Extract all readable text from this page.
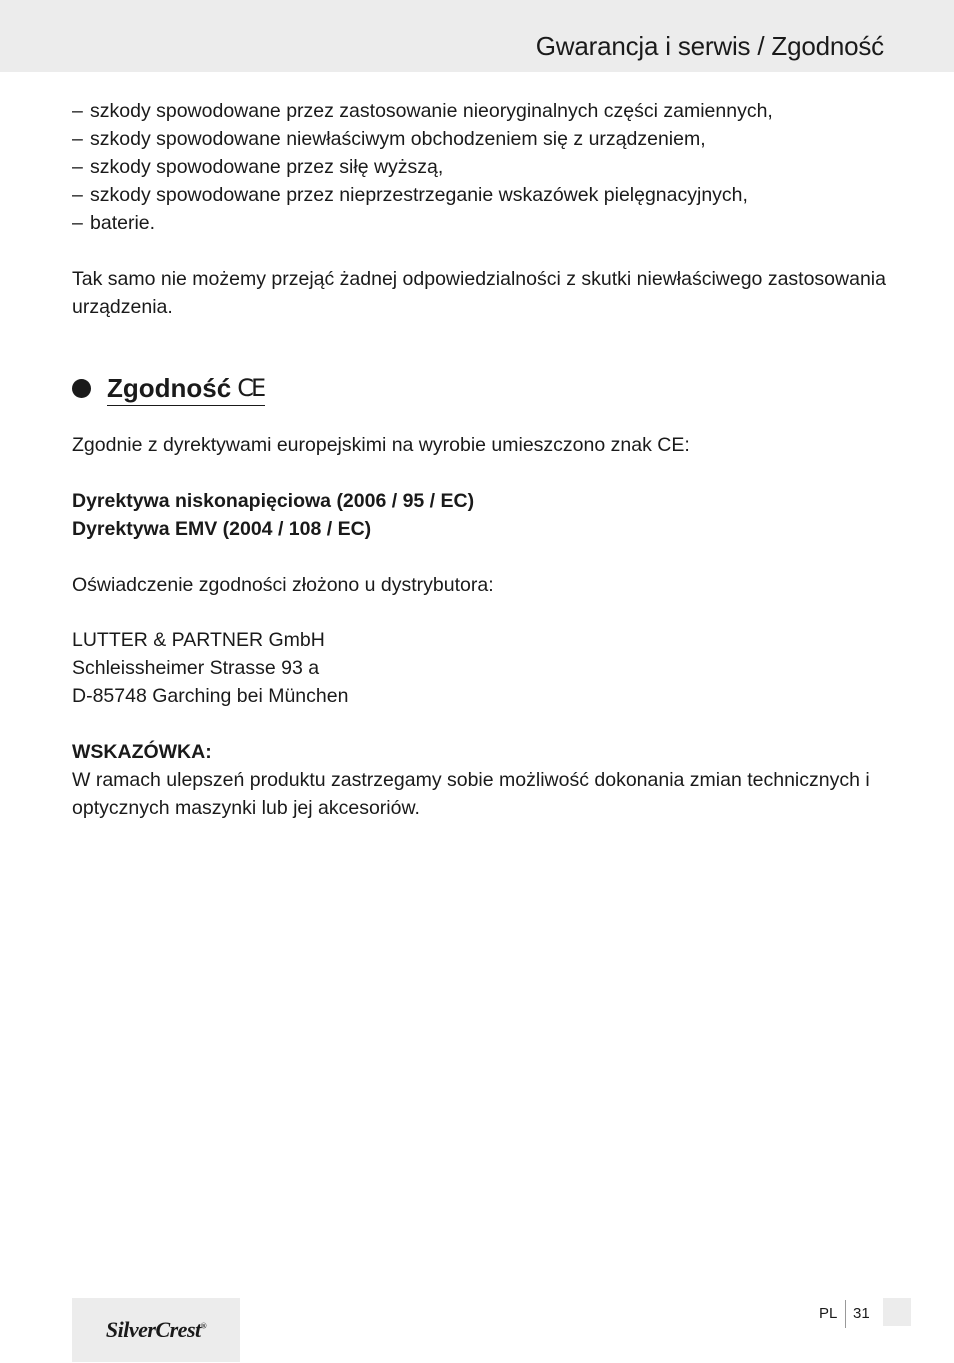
Gwarancja i serwis / Zgodność
– szkody spowodowane przez zastosowanie nieoryginalnych części zamiennych,
– szkody spowodowane niewłaściwym obchodzeniem się z urządzeniem,
– szkody spowodowane przez siłę wyższą,
– szkody spowodowane przez nieprzestrzeganie wskazówek pielęgnacyjnych,
– baterie.
Tak samo nie możemy przejąć żadnej odpowiedzialności z skutki niewłaściwego zastosowania urządzenia.
Zgodność CE
Zgodnie z dyrektywami europejskimi na wyrobie umieszczono znak CE:
Dyrektywa niskonapięciowa (2006 / 95 / EC)
Dyrektywa EMV (2004 / 108 / EC)
Oświadczenie zgodności złożono u dystrybutora:
LUTTER & PARTNER GmbH
Schleissheimer Strasse 93 a
D-85748 Garching bei München
WSKAZÓWKA:
W ramach ulepszeń produktu zastrzegamy sobie możliwość dokonania zmian technicznych i optycznych maszynki lub jej akcesoriów.
SilverCrest ®
PL 31
